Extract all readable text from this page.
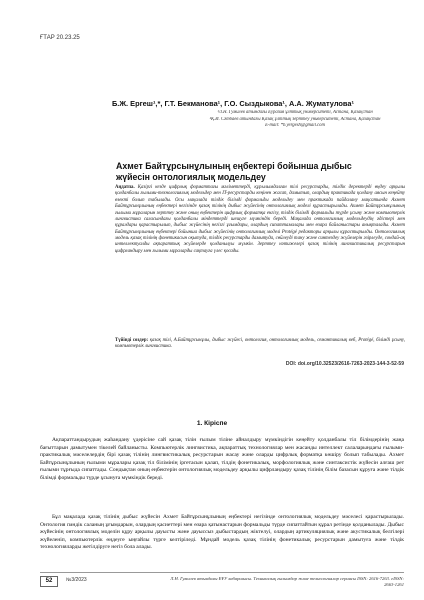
ҒТАР 20.23.25
Б.Ж. Ергеш¹,*, Г.Т. Бекманова¹, Г.О. Сыздыкова¹, А.А. Жуматулова¹
¹Л.Н. Гумилев атындағы Еуразия ұлттық университеті, Астана, Қазақстан
²Қ.И. Сәтбаев атындағы Қазақ ұлттық зерттеу университеті, Астана, Қазақстан
E-mail: *b.yergesh@gmail.com
Ахмет Байтұрсынұлының еңбектері бойынша дыбыс жүйесін онтологиялық модельдеу
Аңдатпа. Қазіргі кезде цифрлық форматтағы мәліметтерді, құрылымдалған тілі ресурстарды, тілдік деректерді өңдеу арқылы қолданбалы ғылыми-технологиялық модельдер мен IT-ресурстарды кеңінен жасап, дамытып, олардың практикада қолдану аясын кеңейту өзекті болып табылады. Осы мақалада тілдік білімді формальды модельдеу мен практикада пайдалану мақсатында Ахмет Байтұрсынұлының еңбектері негізінде қазақ тілінің дыбыс жүйесінің онтологиялық моделі құрастырылады. Ахмет Байтұрсынұлының ғылыми мұраларын зерттеу және оның еңбектерін цифрлық форматқа енгізу, тілдік білімді формальды түрде ұсыну және компьютерлік лингвистика саласындағы қолданбалы міндеттерді шешуге мүмкіндік береді. Мақалада онтологиялық модельдеудің әдістері мен құралдары қарастырылып, дыбыс жүйесінің негізгі ұғымдары, олардың сипаттамалары мен өзара байланыстары анықталады. Ахмет Байтұрсынұлының еңбектері бойынша дыбыс жүйесінің онтологиялық моделі Protégé редакторы арқылы құрастырылды. Онтологиялық модель қазақ тілінің фонетикасын оқытуда, тілдік ресурстарды дамытуда, сөйлеуді тану және синтездеу жүйелерін әзірлеуде, сондай-ақ интеллектуалды ақпараттық жүйелерде қолданылуы мүмкін. Зерттеу нәтижелері қазақ тілінің лингвистикалық ресурстарын цифрландыру мен ғылыми мұраларды сақтауға үлес қосады.
Түйінді сөздер: қазақ тілі, А.Байтұрсынұлы, дыбыс жүйесі, онтология, онтологиялық модель, семантикалық веб, Protégé, білімді ұсыну, компьютерлік лингвистика.
DOI: doi.org/10.32523/2616-7263-2023-144-3-52-59
1. Кіріспе
Ақпараттандырудың жаһандану үдерісіне сай қазақ тілін ғылым тіліне айналдыру мүмкіндігін кеңейту қолданбалы тіл білімдерінің жаңа бағыттарын дамытумен тікелей байланысты. Компьютерлік лингвистика, ақпараттық технологиялар мен жасанды интеллект салаларындағы ғылыми-практикалық мәселелердің бірі қазақ тілінің лингвистикалық ресурстарын жасау және оларды цифрлық форматқа көшіру болып табылады. Ахмет Байтұрсынұлының ғылыми мұралары қазақ тіл білімінің іргетасын қалап, тілдің фонетикалық, морфологиялық және синтаксистік жүйесін алғаш рет ғылыми тұрғыда сипаттады. Сондықтан оның еңбектерін онтологиялық модельдеу арқылы цифрландыру қазақ тілінің білім базасын құруға және тілдік білімді формальды түрде ұсынуға мүмкіндік береді.
Бұл мақалада қазақ тілінің дыбыс жүйесін Ахмет Байтұрсынұлының еңбектері негізінде онтологиялық модельдеу мәселесі қарастырылады. Онтология пәндік саланың ұғымдарын, олардың қасиеттері мен өзара қатынастарын формальды түрде сипаттайтын құрал ретінде қолданылады. Дыбыс жүйесінің онтологиялық моделін құру арқылы дауысты және дауыссыз дыбыстардың жіктелуі, олардың артикуляциялық және акустикалық белгілері жүйеленіп, компьютерлік өңдеуге ыңғайлы түрге келтіріледі. Мұндай модель қазақ тілінің фонетикалық ресурстарын дамытуға және тілдік технологияларды жетілдіруге негіз бола алады.
52	№3/2023	Л.Н. Гумилев атындағы ЕҰУ хабаршысы. Техникалық ғылымдар және технологиялар сериясы ISSN: 2616-7263. eISSN: 2663-1261
